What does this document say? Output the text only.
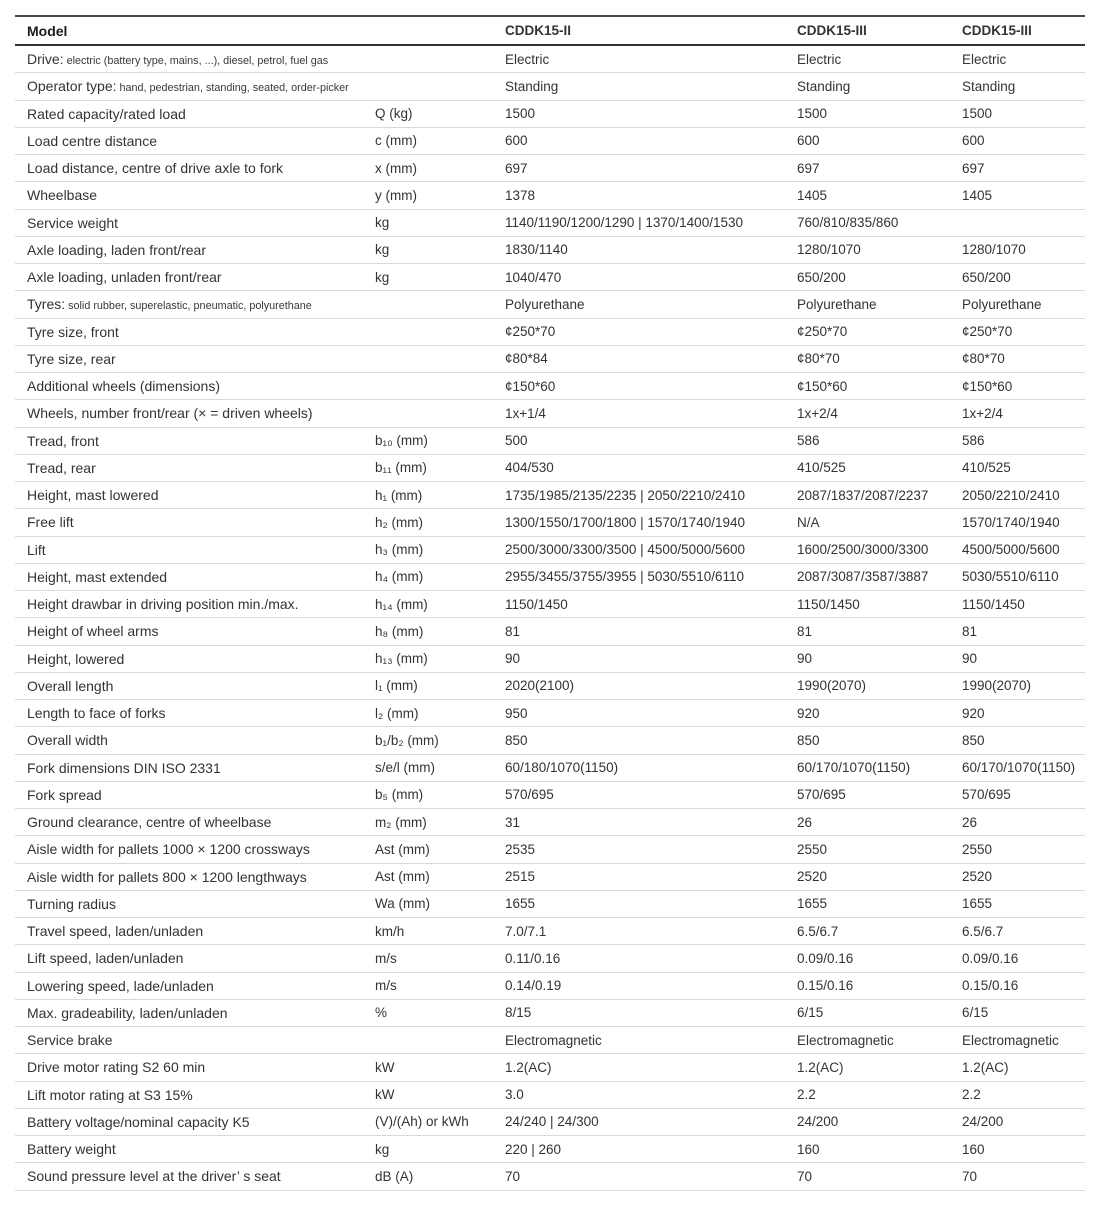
Model	CDDK15-II	CDDK15-III	CDDK15-III
Drive: electric (battery type, mains, ...), diesel, petrol, fuel gas	Electric	Electric	Electric
Operator type: hand, pedestrian, standing, seated, order-picker	Standing	Standing	Standing
Rated capacity/rated load	Q (kg)	1500	1500	1500
Load centre distance	c (mm)	600	600	600
Load distance, centre of drive axle to fork	x (mm)	697	697	697
Wheelbase	y (mm)	1378	1405	1405
Service weight	kg	1140/1190/1200/1290 | 1370/1400/1530	760/810/835/860
Axle loading, laden front/rear	kg	1830/1140	1280/1070	1280/1070
Axle loading, unladen front/rear	kg	1040/470	650/200	650/200
Tyres: solid rubber, superelastic, pneumatic, polyurethane	Polyurethane	Polyurethane	Polyurethane
Tyre size, front	¢250*70	¢250*70	¢250*70
Tyre size, rear	¢80*84	¢80*70	¢80*70
Additional wheels (dimensions)	¢150*60	¢150*60	¢150*60
Wheels, number front/rear (× = driven wheels)	1x+1/4	1x+2/4	1x+2/4
Tread, front	b₁₀ (mm)	500	586	586
Tread, rear	b₁₁ (mm)	404/530	410/525	410/525
Height, mast lowered	h₁ (mm)	1735/1985/2135/2235 | 2050/2210/2410	2087/1837/2087/2237	2050/2210/2410
Free lift	h₂ (mm)	1300/1550/1700/1800 | 1570/1740/1940	N/A	1570/1740/1940
Lift	h₃ (mm)	2500/3000/3300/3500 | 4500/5000/5600	1600/2500/3000/3300	4500/5000/5600
Height, mast extended	h₄ (mm)	2955/3455/3755/3955 | 5030/5510/6110	2087/3087/3587/3887	5030/5510/6110
Height drawbar in driving position min./max.	h₁₄ (mm)	1150/1450	1150/1450	1150/1450
Height of wheel arms	h₈ (mm)	81	81	81
Height, lowered	h₁₃ (mm)	90	90	90
Overall length	l₁ (mm)	2020(2100)	1990(2070)	1990(2070)
Length to face of forks	l₂ (mm)	950	920	920
Overall width	b₁/b₂ (mm)	850	850	850
Fork dimensions DIN ISO 2331	s/e/l (mm)	60/180/1070(1150)	60/170/1070(1150)	60/170/1070(1150)
Fork spread	b₅ (mm)	570/695	570/695	570/695
Ground clearance, centre of wheelbase	m₂ (mm)	31	26	26
Aisle width for pallets 1000 × 1200 crossways	Ast (mm)	2535	2550	2550
Aisle width for pallets 800 × 1200 lengthways	Ast (mm)	2515	2520	2520
Turning radius	Wa (mm)	1655	1655	1655
Travel speed, laden/unladen	km/h	7.0/7.1	6.5/6.7	6.5/6.7
Lift speed, laden/unladen	m/s	0.11/0.16	0.09/0.16	0.09/0.16
Lowering speed, lade/unladen	m/s	0.14/0.19	0.15/0.16	0.15/0.16
Max. gradeability, laden/unladen	%	8/15	6/15	6/15
Service brake	Electromagnetic	Electromagnetic	Electromagnetic
Drive motor rating S2 60 min	kW	1.2(AC)	1.2(AC)	1.2(AC)
Lift motor rating at S3 15%	kW	3.0	2.2	2.2
Battery voltage/nominal capacity K5	(V)/(Ah) or kWh	24/240 | 24/300	24/200	24/200
Battery weight	kg	220 | 260	160	160
Sound pressure level at the driver’ s seat	dB (A)	70	70	70
